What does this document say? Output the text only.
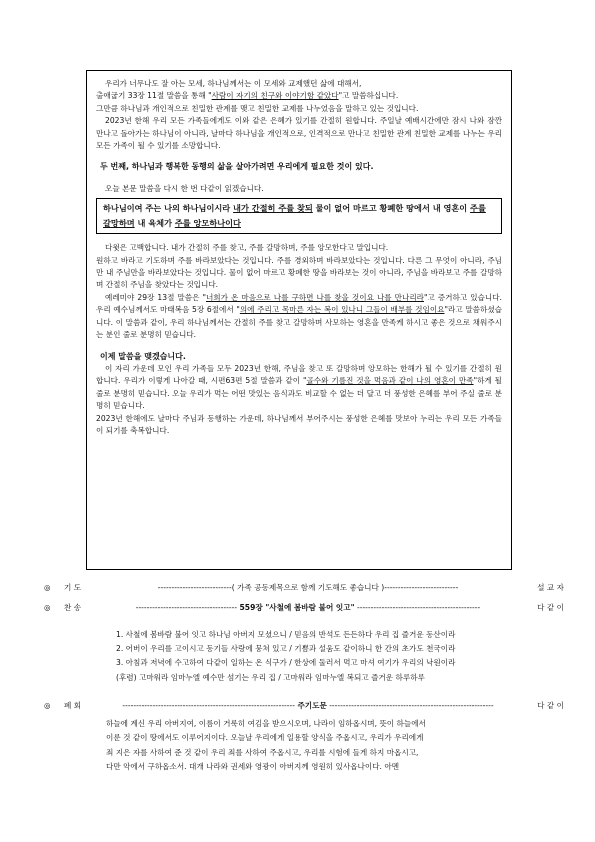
우리가 너무나도 잘 아는 모세, 하나님께서는 이 모세와 교제했던 삶에 대해서,

출애굽기 33장 11절 말씀을 통해 "사람이 자기의 친구와 이야기함 같았다"고 말씀하십니다.

그만큼 하나님과 개인적으로 친밀한 관계를 맺고 친밀한 교제를 나누었음을 말하고 있는 것입니다.

2023년 한해 우리 모든 가족들에게도 이와 같은 은혜가 있기를 간절히 원합니다. 주일날 예배시간에만 잠시 나와 잠깐 만나고 돌아가는 하나님이 아니라, 날마다 하나님을 개인적으로, 인격적으로 만나고 친밀한 관계 친밀한 교제를 나누는 우리 모든 가족이 될 수 있기를 소망합니다.

두 번째, 하나님과 행복한 동행의 삶을 살아가려면 우리에게 필요한 것이 있다.

오늘 본문 말씀을 다시 한 번 다같이 읽겠습니다.

하나님이여 주는 나의 하나님이시라 내가 간절히 주를 찾되 물이 없어 마르고 황폐한 땅에서 내 영혼이 주를 갈망하며 내 육체가 주를 앙모하나이다

다윗은 고백합니다. 내가 간절히 주를 찾고, 주를 갈망하며, 주를 앙모한다고 말입니다.

원하고 바라고 기도하며 주를 바라보았다는 것입니다. 주를 경외하며 바라보았다는 것입니다. 다른 그 무엇이 아니라, 주님만 내 주님만을 바라보았다는 것입니다. 물이 없어 마르고 황폐한 땅을 바라보는 것이 아니라, 주님을 바라보고 주를 갈망하며 간절히 주님을 찾았다는 것입니다.

예레미야 29장 13절 말씀은 "너희가 온 마음으로 나를 구하면 나를 찾을 것이요 나를 만나리라"고 증거하고 있습니다. 우리 예수님께서도 마태복음 5장 6절에서 "의에 주리고 목마른 자는 복이 있나니 그들이 배부를 것임이요"라고 말씀하셨습니다. 이 말씀과 같이, 우리 하나님께서는 간절히 주를 찾고 갈망하며 사모하는 영혼을 만족케 하시고 좋은 것으로 채워주시는 분인 줄로 분명히 믿습니다.

이제 말씀을 맺겠습니다.

이 자리 가운데 모인 우리 가족들 모두 2023년 한해, 주님을 찾고 또 갈망하며 앙모하는 한해가 될 수 있기를 간절히 원합니다. 우리가 이렇게 나아갈 때, 시편63편 5절 말씀과 같이 "골수와 기름진 것을 먹음과 같이 나의 영혼이 만족"하게 될 줄로 분명히 믿습니다. 오늘 우리가 먹는 어떤 맛있는 음식과도 비교할 수 없는 더 달고 더 풍성한 은혜를 부어 주실 줄로 분명히 믿습니다.

2023년 한해에도 날마다 주님과 동행하는 가운데, 하나님께서 부어주시는 풍성한 은혜를 맛보아 누리는 우리 모든 가족들이 되기를 축복합니다.

◎	기 도	---------------------------( 가족 공동제목으로 함께 기도해도 좋습니다 )---------------------------	설 교 자
◎	찬 송	------------------------------------- 559장 "사철에 봄바람 불어 잇고" ---------------------------------------------	다 같 이

1. 사철에 봄바람 불어 잇고 하나님 아버지 모셨으니 / 믿음의 반석도 든든하다 우리 집 즐거운 동산이라

2. 어버이 우리를 고이시고 동기들 사랑에 뭉쳐 있고 / 기쁨과 설움도 같이하니 한 간의 초가도 천국이라

3. 아침과 저녁에 수고하여 다같이 일하는 온 식구가 / 한상에 둘러서 먹고 마셔 여기가 우리의 낙원이라

(후렴) 고마워라 임마누엘 예수만 섬기는 우리 집 / 고마워라 임마누엘 복되고 즐거운 하루하루

◎	폐 회	--------------------------------------------------------------- 주기도문 ------------------------------------------------------------	다 같 이

하늘에 계신 우리 아버지여, 이름이 거룩히 여김을 받으시오며, 나라이 임하옵시며, 뜻이 하늘에서

이룬 것 같이 땅에서도 이루어지이다. 오늘날 우리에게 일용할 양식을 주옵시고, 우리가 우리에게

죄 지은 자를 사하여 준 것 같이 우리 죄를 사하여 주옵시고, 우리를 시험에 들게 하지 마옵시고,

다만 악에서 구하옵소서. 대개 나라와 권세와 영광이 아버지께 영원히 있사옵나이다. 아멘
